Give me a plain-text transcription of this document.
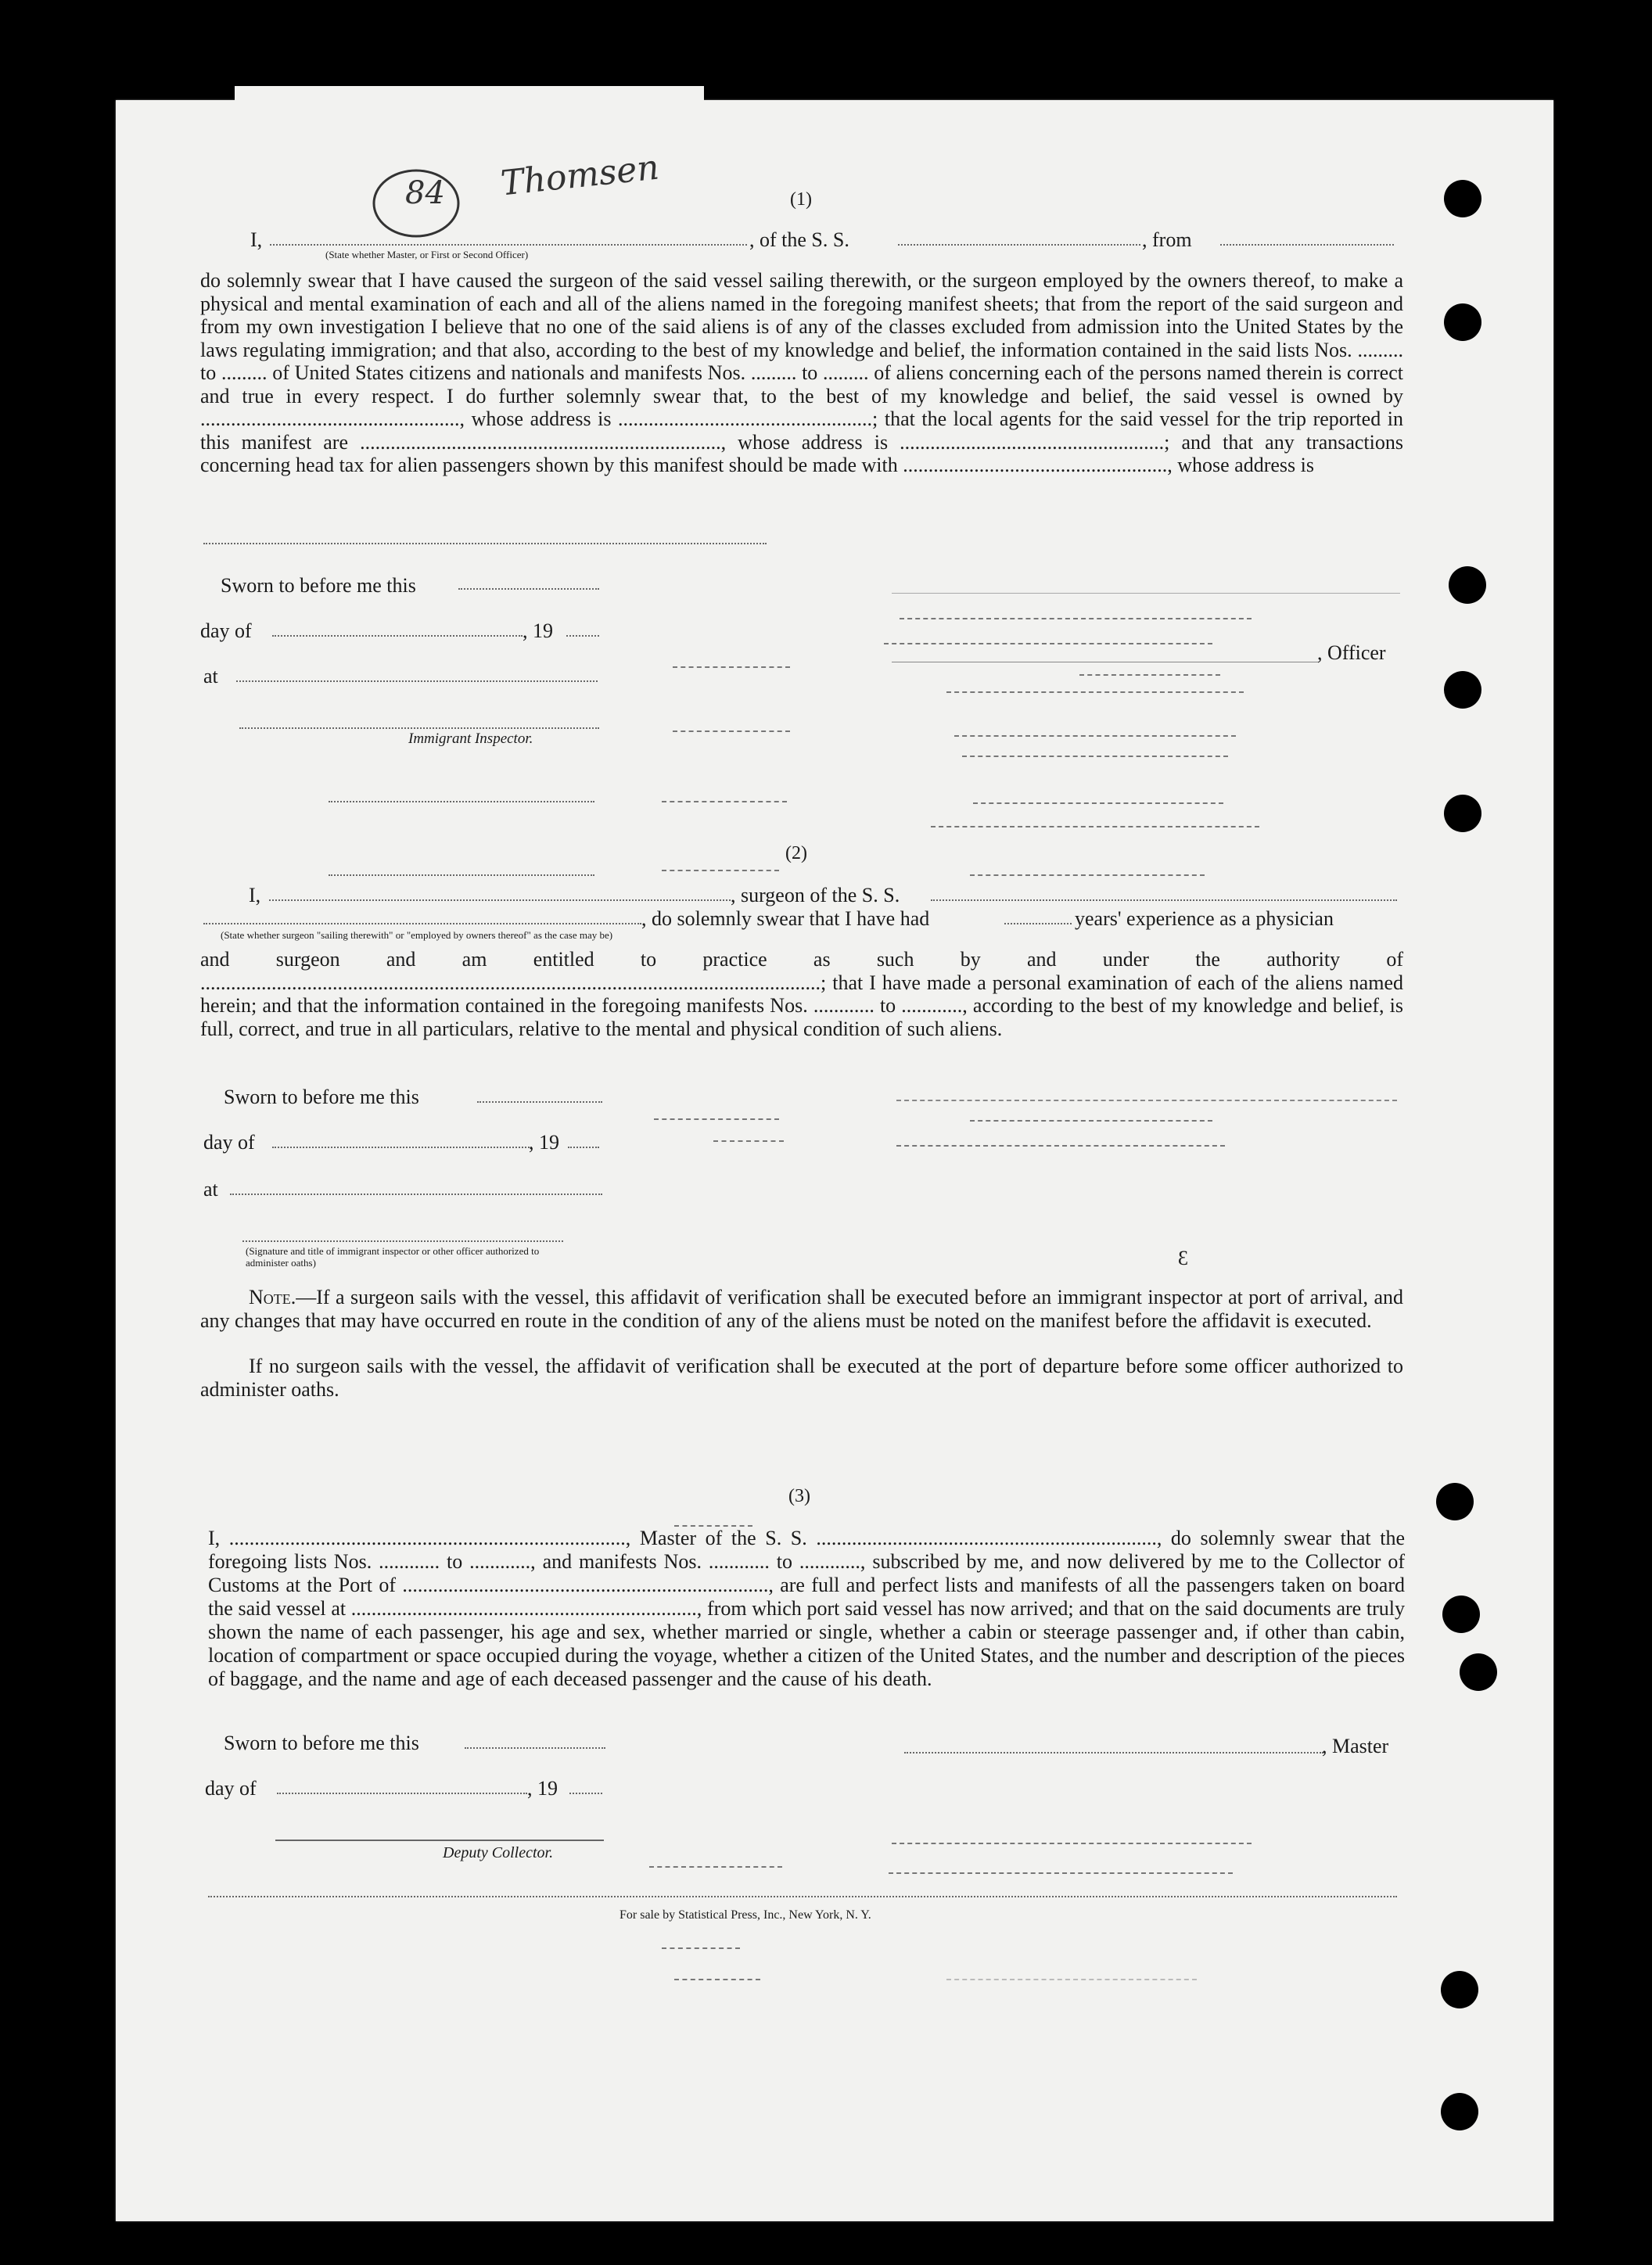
84 Thomsen	(1)
I,
(State whether Master, or First or Second Officer)
, of the S. S.	, from
do solemnly swear that I have caused the surgeon of the said vessel sailing therewith, or the surgeon employed by the owners thereof, to make a physical and mental examination of each and all of the aliens named in the foregoing manifest sheets; that from the report of the said surgeon and from my own investigation I believe that no one of the said aliens is of any of the classes excluded from admission into the United States by the laws regulating immigration; and that also, according to the best of my knowledge and belief, the information contained in the said lists Nos. ......... to ......... of United States citizens and nationals and manifests Nos. ......... to ......... of aliens concerning each of the persons named therein is correct and true in every respect. I do further solemnly swear that, to the best of my knowledge and belief, the said vessel is owned by ..................................................., whose address is ..................................................; that the local agents for the said vessel for the trip reported in this manifest are ......................................................................., whose address is ....................................................; and that any transactions concerning head tax for alien passengers shown by this manifest should be made with ...................................................., whose address is
Sworn to before me this
day of	, 19
, Officer
at
Immigrant Inspector.
(2)
I,	, surgeon of the S. S.
, do solemnly swear that I have had	years' experience as a physician
(State whether surgeon "sailing therewith" or "employed by owners thereof" as the case may be)
and surgeon and am entitled to practice as such by and under the authority of ..........................................................................................................................; that I have made a personal examination of each of the aliens named herein; and that the information contained in the foregoing manifests Nos. ............ to ............, according to the best of my knowledge and belief, is full, correct, and true in all particulars, relative to the mental and physical condition of such aliens.
Sworn to before me this
day of	, 19
at
(Signature and title of immigrant inspector or other officer authorized to administer oaths)	3
Note.—If a surgeon sails with the vessel, this affidavit of verification shall be executed before an immigrant inspector at port of arrival, and any changes that may have occurred en route in the condition of any of the aliens must be noted on the manifest before the affidavit is executed.
If no surgeon sails with the vessel, the affidavit of verification shall be executed at the port of departure before some officer authorized to administer oaths.
(3)
I, .............................................................................., Master of the S. S. ..................................................................., do solemnly swear that the foregoing lists Nos. ............ to ............, and manifests Nos. ............ to ............, subscribed by me, and now delivered by me to the Collector of Customs at the Port of ........................................................................, are full and perfect lists and manifests of all the passengers taken on board the said vessel at ...................................................................., from which port said vessel has now arrived; and that on the said documents are truly shown the name of each passenger, his age and sex, whether married or single, whether a cabin or steerage passenger and, if other than cabin, location of compartment or space occupied during the voyage, whether a citizen of the United States, and the number and description of the pieces of baggage, and the name and age of each deceased passenger and the cause of his death.
Sworn to before me this	, Master
day of	, 19
Deputy Collector.
For sale by Statistical Press, Inc., New York, N. Y.
